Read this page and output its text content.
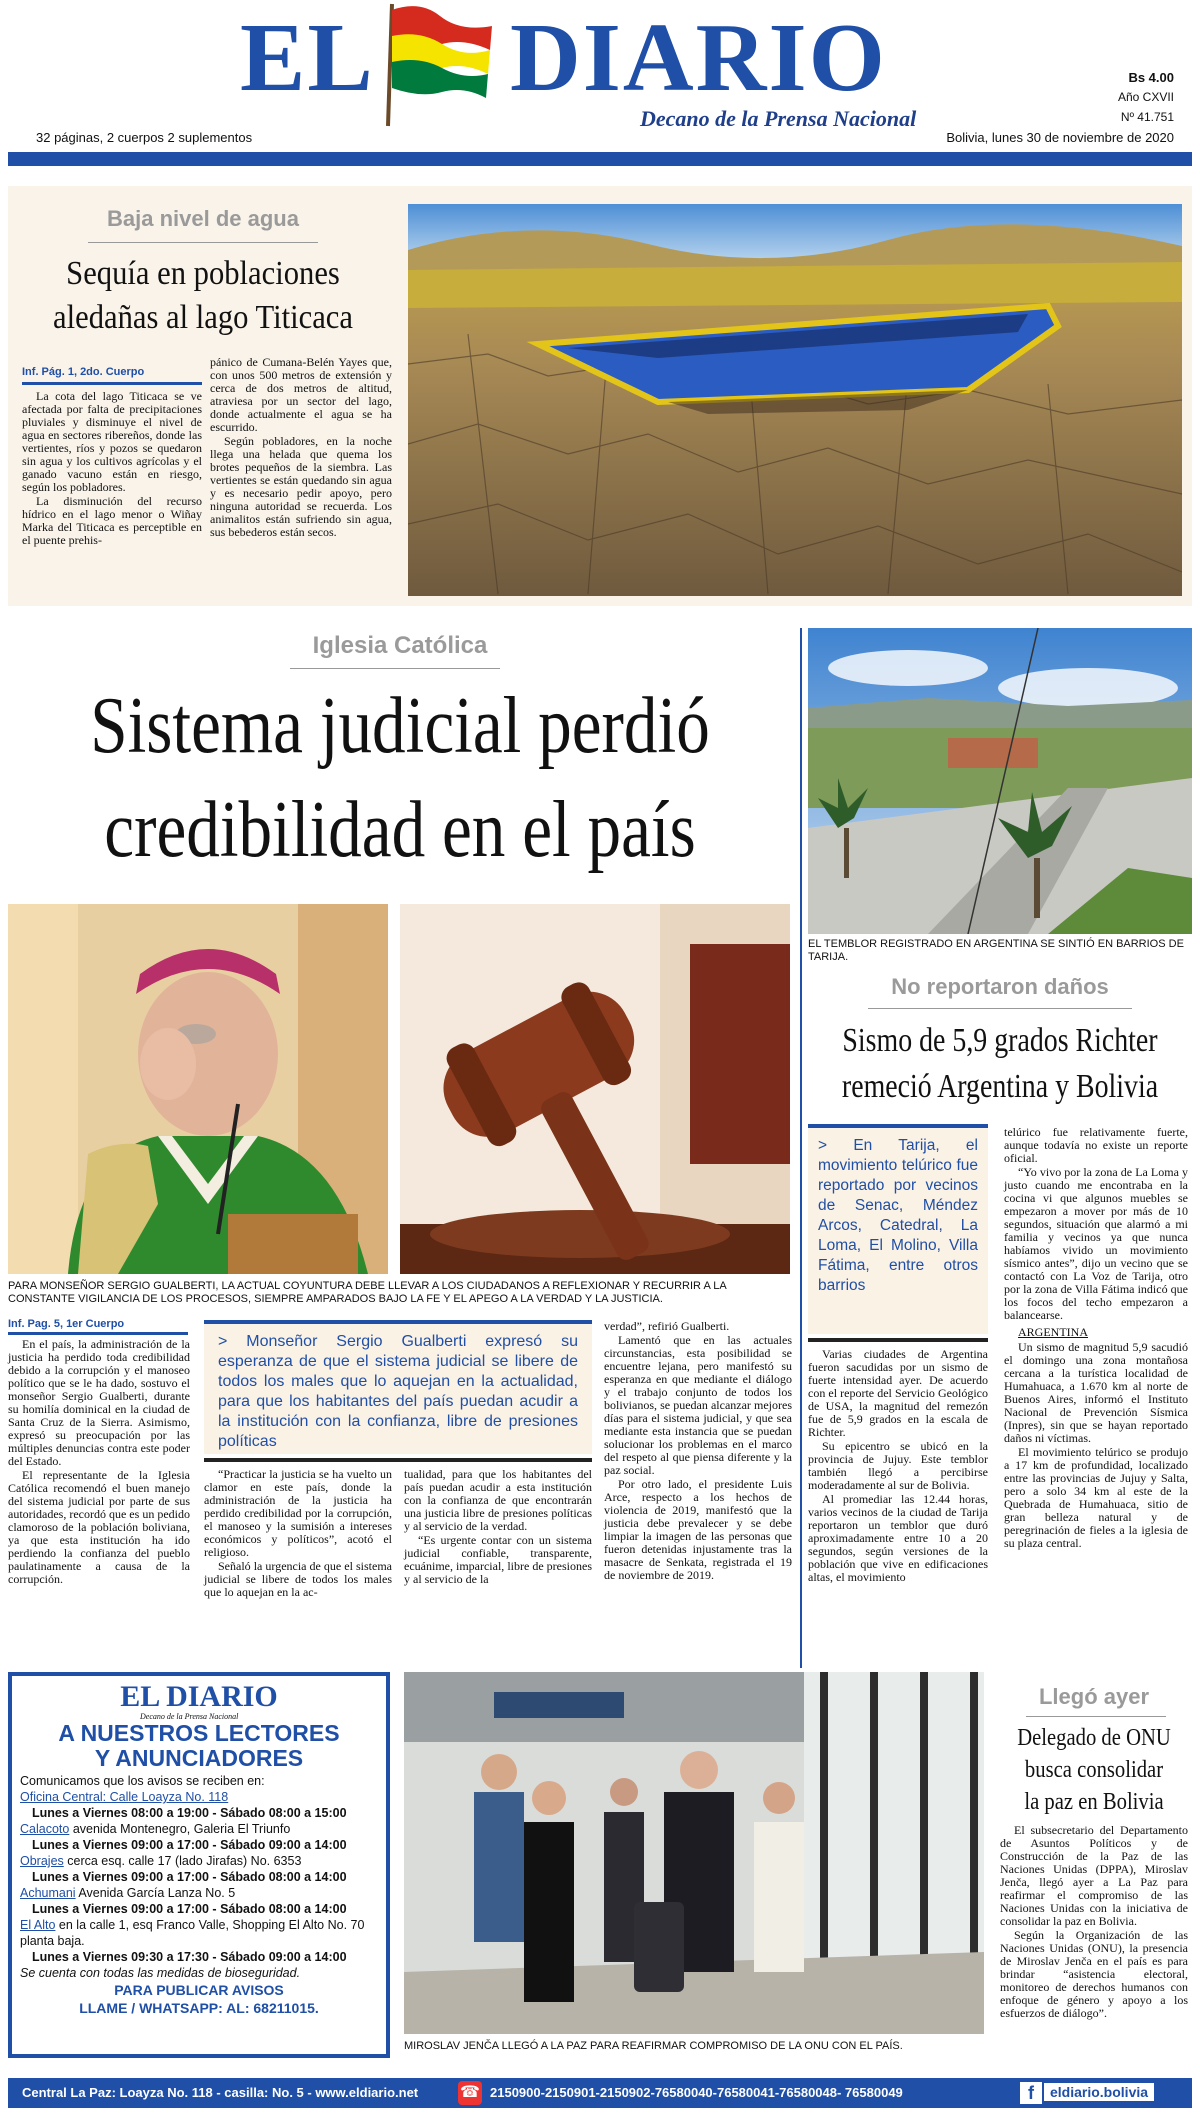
EL DIARIO
Decano de la Prensa Nacional
32 páginas, 2 cuerpos 2 suplementos
Bs 4.00
Año CXVII
Nº 41.751
Bolivia, lunes 30 de noviembre de 2020
Baja nivel de agua
Sequía en poblaciones
aledañas al lago Titicaca
Inf. Pág. 1, 2do. Cuerpo

La cota del lago Titicaca se ve afectada por falta de precipitaciones pluviales y disminuye el nivel de agua en sectores ribereños, donde las vertientes, ríos y pozos se quedaron sin agua y los cultivos agrícolas y el ganado vacuno están en riesgo, según los pobladores.

La disminución del recurso hídrico en el lago menor o Wiñay Marka del Titicaca es perceptible en el puente prehis-

pánico de Cumana-Belén Yayes que, con unos 500 metros de extensión y cerca de dos metros de altitud, atraviesa por un sector del lago, donde actualmente el agua se ha escurrido.

Según pobladores, en la noche llega una helada que quema los brotes pequeños de la siembra. Las vertientes se están quedando sin agua y es necesario pedir apoyo, pero ninguna autoridad se recuerda. Los animalitos están sufriendo sin agua, sus bebederos están secos.

Iglesia Católica
Sistema judicial perdió
credibilidad en el país
PARA MONSEÑOR SERGIO GUALBERTI, LA ACTUAL COYUNTURA DEBE LLEVAR A LOS CIUDADANOS A REFLEXIONAR Y RECURRIR A LA CONSTANTE VIGILANCIA DE LOS PROCESOS, SIEMPRE AMPARADOS BAJO LA FE Y EL APEGO A LA VERDAD Y LA JUSTICIA.
Inf. Pag. 5, 1er Cuerpo

En el país, la administración de la justicia ha perdido toda credibilidad debido a la corrupción y el manoseo político que se le ha dado, sostuvo el monseñor Sergio Gualberti, durante su homilía dominical en la ciudad de Santa Cruz de la Sierra. Asimismo, expresó su preocupación por las múltiples denuncias contra este poder del Estado.

El representante de la Iglesia Católica recomendó el buen manejo del sistema judicial por parte de sus autoridades, recordó que es un pedido clamoroso de la población boliviana, ya que esta institución ha ido perdiendo la confianza del pueblo paulatinamente a causa de la corrupción.

> Monseñor Sergio Gualberti expresó su esperanza de que el sistema judicial se libere de todos los males que lo aquejan en la actualidad, para que los habitantes del país puedan acudir a la institución con la confianza, libre de presiones políticas

“Practicar la justicia se ha vuelto un clamor en este país, donde la administración de la justicia ha perdido credibilidad por la corrupción, el manoseo y la sumisión a intereses económicos y políticos”, acotó el religioso.

Señaló la urgencia de que el sistema judicial se libere de todos los males que lo aquejan en la ac-

tualidad, para que los habitantes del país puedan acudir a esta institución con la confianza de que encontrarán una justicia libre de presiones políticas y al servicio de la verdad.

“Es urgente contar con un sistema judicial confiable, transparente, ecuánime, imparcial, libre de presiones y al servicio de la

verdad”, refirió Gualberti.

Lamentó que en las actuales circunstancias, esta posibilidad se encuentre lejana, pero manifestó su esperanza en que mediante el diálogo y el trabajo conjunto de todos los bolivianos, se puedan alcanzar mejores días para el sistema judicial, y que sea mediante esta instancia que se puedan solucionar los problemas en el marco del respeto al que piensa diferente y la paz social.

Por otro lado, el presidente Luis Arce, respecto a los hechos de violencia de 2019, manifestó que la justicia debe prevalecer y se debe limpiar la imagen de las personas que fueron detenidas injustamente tras la masacre de Senkata, registrada el 19 de noviembre de 2019.

EL TEMBLOR REGISTRADO EN ARGENTINA SE SINTIÓ EN BARRIOS DE TARIJA.
No reportaron daños
Sismo de 5,9 grados Richter
remeció Argentina y Bolivia
> En Tarija, el movimiento telúrico fue reportado por vecinos de Senac, Méndez Arcos, Catedral, La Loma, El Molino, Villa Fátima, entre otros barrios

Varias ciudades de Argentina fueron sacudidas por un sismo de fuerte intensidad ayer. De acuerdo con el reporte del Servicio Geológico de USA, la magnitud del remezón fue de 5,9 grados en la escala de Richter.

Su epicentro se ubicó en la provincia de Jujuy. Este temblor también llegó a percibirse moderadamente al sur de Bolivia.

Al promediar las 12.44 horas, varios vecinos de la ciudad de Tarija reportaron un temblor que duró aproximadamente entre 10 a 20 segundos, según versiones de la población que vive en edificaciones altas, el movimiento

telúrico fue relativamente fuerte, aunque todavía no existe un reporte oficial.

“Yo vivo por la zona de La Loma y justo cuando me encontraba en la cocina vi que algunos muebles se empezaron a mover por más de 10 segundos, situación que alarmó a mi familia y vecinos ya que nunca habíamos vivido un movimiento sísmico antes”, dijo un vecino que se contactó con La Voz de Tarija, otro por la zona de Villa Fátima indicó que los focos del techo empezaron a balancearse.

ARGENTINA

Un sismo de magnitud 5,9 sacudió el domingo una zona montañosa cercana a la turística localidad de Humahuaca, a 1.670 km al norte de Buenos Aires, informó el Instituto Nacional de Prevención Sísmica (Inpres), sin que se hayan reportado daños ni víctimas.

El movimiento telúrico se produjo a 17 km de profundidad, localizado entre las provincias de Jujuy y Salta, pero a solo 34 km al este de la Quebrada de Humahuaca, sitio de gran belleza natural y de peregrinación de fieles a la iglesia de su plaza central.

EL DIARIO
Decano de la Prensa Nacional
A NUESTROS LECTORES
Y ANUNCIADORES
Comunicamos que los avisos se reciben en:
Oficina Central: Calle Loayza No. 118
Lunes a Viernes 08:00 a 19:00 - Sábado 08:00 a 15:00
Calacoto avenida Montenegro, Galeria El Triunfo
Lunes a Viernes 09:00 a 17:00 - Sábado 09:00 a 14:00
Obrajes cerca esq. calle 17 (lado Jirafas) No. 6353
Lunes a Viernes 09:00 a 17:00 - Sábado 08:00 a 14:00
Achumani Avenida García Lanza No. 5
Lunes a Viernes 09:00 a 17:00 - Sábado 08:00 a 14:00
El Alto en la calle 1, esq Franco Valle, Shopping El Alto No. 70 planta baja.
Lunes a Viernes 09:30 a 17:30 - Sábado 09:00 a 14:00
Se cuenta con todas las medidas de bioseguridad.
PARA PUBLICAR AVISOS
LLAME / WHATSAPP: AL: 68211015.
MIROSLAV JENČA LLEGÓ A LA PAZ PARA REAFIRMAR COMPROMISO DE LA ONU CON EL PAÍS.
Llegó ayer
Delegado de ONU
busca consolidar
la paz en Bolivia

El subsecretario del Departamento de Asuntos Políticos y de Construcción de la Paz de las Naciones Unidas (DPPA), Miroslav Jenča, llegó ayer a La Paz para reafirmar el compromiso de las Naciones Unidas con la iniciativa de consolidar la paz en Bolivia.

Según la Organización de las Naciones Unidas (ONU), la presencia de Miroslav Jenča en el país es para brindar “asistencia electoral, monitoreo de derechos humanos con enfoque de género y apoyo a los esfuerzos de diálogo”.

Central La Paz: Loayza No. 118 - casilla: No. 5 - www.eldiario.net	☎ 2150900-2150901-2150902-76580040-76580041-76580048- 76580049	f	eldiario.bolivia
